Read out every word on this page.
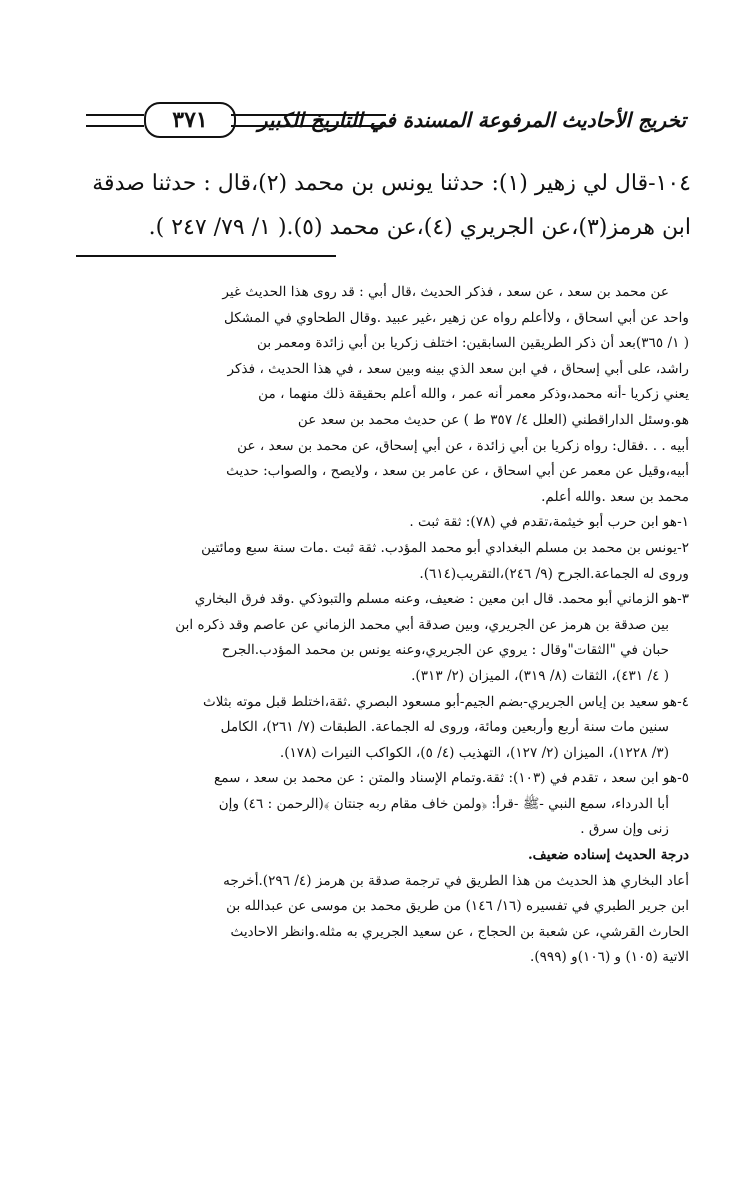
تخريج الأحاديث المرفوعة المسندة في التاريخ الكبير
٣٧١

١٠٤-قال لي زهير (١): حدثنا يونس بن محمد (٢)،قال : حدثنا صدقة

ابن هرمز(٣)،عن الجريري (٤)،عن محمد (٥).( ١/ ٧٩/ ٢٤٧ ).

عن محمد بن سعد ، عن سعد ، فذكر الحديث ،قال أبي : قد روى هذا الحديث غير
واحد عن أبي اسحاق ، ولاأعلم رواه عن زهير ،غير عبيد .وقال الطحاوي في المشكل
( ١/ ٣٦٥)بعد أن ذكر الطريقين السابقين: اختلف زكريا بن أبي زائدة ومعمر بن
راشد، على أبي إسحاق ، في ابن سعد الذي بينه وبين سعد ، في هذا الحديث ، فذكر
يعني زكريا -أنه محمد،وذكر معمر أنه عمر ، والله أعلم بحقيقة ذلك منهما ، من
هو.وسئل الداراقطني (العلل ٤/ ٣٥٧ ط ) عن حديث محمد بن سعد عن
أبيه . . .فقال: رواه زكريا بن أبي زائدة ، عن أبي إسحاق، عن محمد بن سعد ، عن
أبيه،وقيل عن معمر عن أبي اسحاق ، عن عامر بن سعد ، ولايصح ، والصواب: حديث
محمد بن سعد .والله أعلم.
١-هو ابن حرب أبو خيثمة،تقدم في (٧٨): ثقة ثبت .
٢-يونس بن محمد بن مسلم البغدادي أبو محمد المؤدب. ثقة ثبت .مات سنة سبع ومائتين
وروى له الجماعة.الجرح (٩/ ٢٤٦)،التقريب(٦١٤).
٣-هو الزماني أبو محمد. قال ابن معين : ضعيف، وعنه مسلم والتبوذكي .وقد فرق البخاري
بين صدقة بن هرمز عن الجريري، وبين صدقة أبي محمد الزماني عن عاصم وقد ذكره ابن
حبان في "الثقات"وقال : يروي عن الجريري،وعنه يونس بن محمد المؤدب.الجرح
( ٤/ ٤٣١)، الثقات (٨/ ٣١٩)، الميزان (٢/ ٣١٣).
٤-هو سعيد بن إياس الجريري-بضم الجيم-أبو مسعود البصري .ثقة،اختلط قبل موته بثلاث
سنين مات سنة أربع وأربعين ومائة، وروى له الجماعة. الطبقات (٧/ ٢٦١)، الكامل
(٣/ ١٢٢٨)، الميزان (٢/ ١٢٧)، التهذيب (٤/ ٥)، الكواكب النيرات (١٧٨).
٥-هو ابن سعد ، تقدم في (١٠٣): ثقة.وتمام الإسناد والمتن : عن محمد بن سعد ، سمع
أبا الدرداء، سمع النبي -ﷺ -قرأ: ﴿ولمن خاف مقام ربه جنتان ﴾(الرحمن : ٤٦) وإن
زنى وإن سرق .
درجة الحديث إسناده ضعيف.
أعاد البخاري هذ الحديث من هذا الطريق في ترجمة صدقة بن هرمز (٤/ ٢٩٦).أخرجه
ابن جرير الطبري في تفسيره (١٦/ ١٤٦) من طريق محمد بن موسى عن عبدالله بن
الحارث القرشي، عن شعبة بن الحجاج ، عن سعيد الجريري به مثله.وانظر الاحاديث
الاتية (١٠٥) و (١٠٦)و (٩٩٩).
